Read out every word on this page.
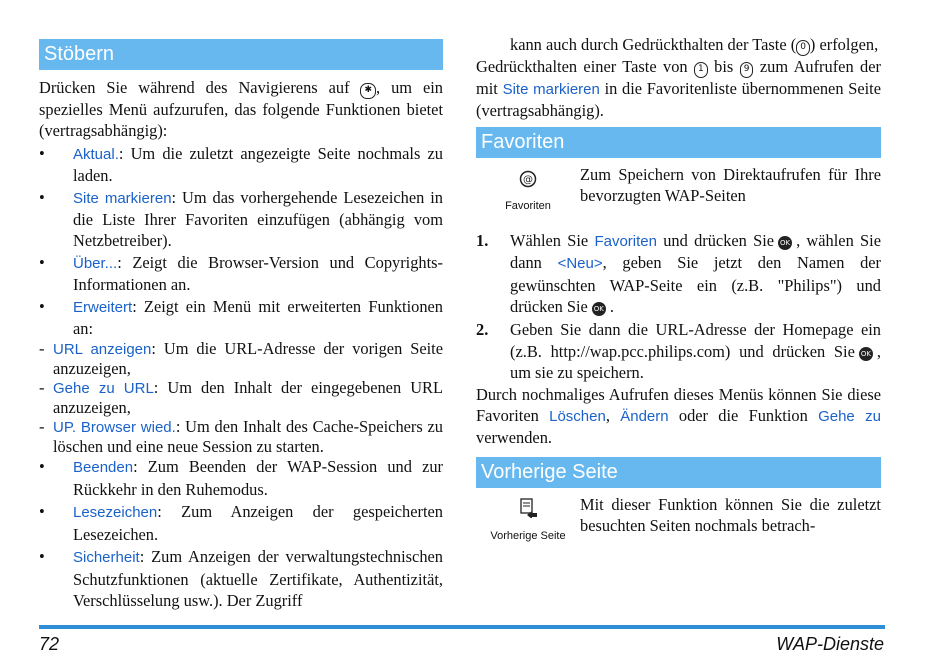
Stöbern

Drücken Sie während des Navigierens auf ✱ , um ein spezielles Menü aufzurufen, das folgende Funktionen bietet (vertragsabhängig):

• Aktual.: Um die zuletzt angezeigte Seite nochmals zu laden.
• Site markieren: Um das vorhergehende Lesezeichen in die Liste Ihrer Favoriten einzufügen (abhängig vom Netzbetreiber).
• Über...: Zeigt die Browser-Version und Copyrights-Informationen an.
• Erweitert: Zeigt ein Menü mit erweiterten Funktionen an:
- URL anzeigen: Um die URL-Adresse der vorigen Seite anzuzeigen,
- Gehe zu URL: Um den Inhalt der eingegebenen URL anzuzeigen,
- UP. Browser wied.: Um den Inhalt des Cache-Speichers zu löschen und eine neue Session zu starten.
• Beenden: Zum Beenden der WAP-Session und zur Rückkehr in den Ruhemodus.
• Lesezeichen: Zum Anzeigen der gespeicherten Lesezeichen.
• Sicherheit: Zum Anzeigen der verwaltungstechnischen Schutzfunktionen (aktuelle Zertifikate, Authentizität, Verschlüsselung usw.). Der Zugriff

kann auch durch Gedrückthalten der Taste ( 0 ) erfolgen,

Gedrückthalten einer Taste von 1 bis 9 zum Aufrufen der mit Site markieren in die Favoritenliste übernommenen Seite (vertragsabhängig).

Favoriten
@
Favoriten

Zum Speichern von Direktaufrufen für Ihre bevorzugten WAP-Seiten

1. Wählen Sie Favoriten und drücken Sie OK , wählen Sie dann <Neu>, geben Sie jetzt den Namen der gewünschten WAP-Seite ein (z.B. "Philips") und drücken Sie OK .
2. Geben Sie dann die URL-Adresse der Homepage ein (z.B. http://wap.pcc.philips.com) und drücken Sie OK , um sie zu speichern.

Durch nochmaliges Aufrufen dieses Menüs können Sie diese Favoriten Löschen, Ändern oder die Funktion Gehe zu verwenden.

Vorherige Seite
Vorherige Seite

Mit dieser Funktion können Sie die zuletzt besuchten Seiten nochmals betrach-

72	WAP-Dienste
